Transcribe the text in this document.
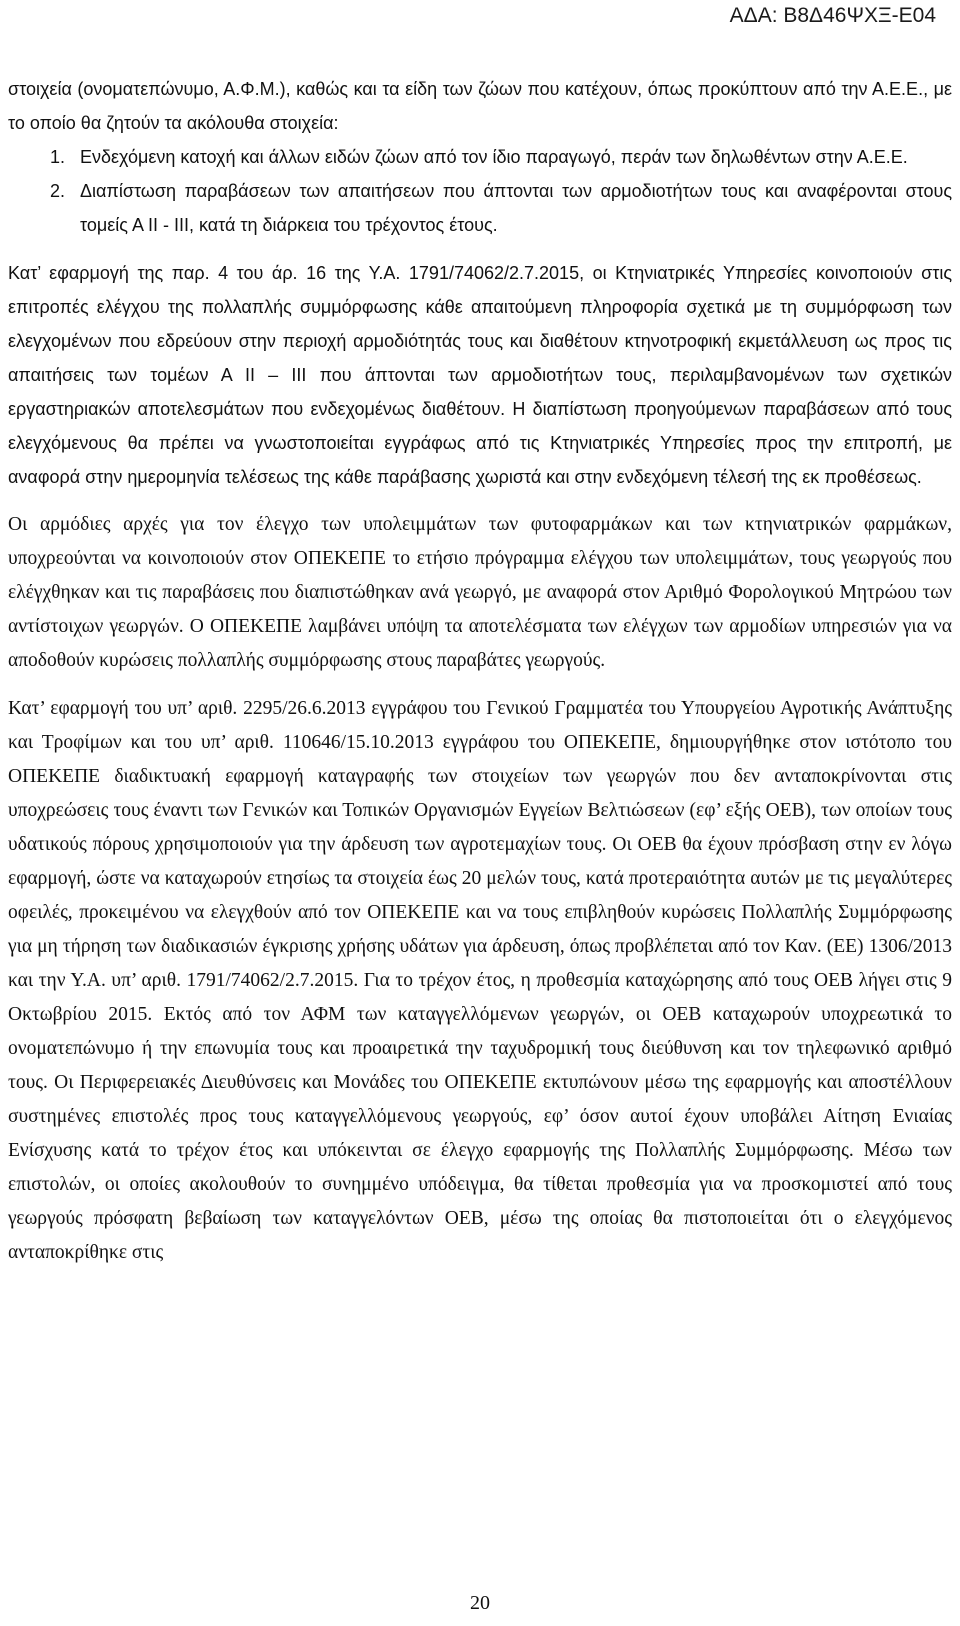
ΑΔΑ: Β8Δ46ΨΧΞ-Ε04

στοιχεία (ονοματεπώνυμο, Α.Φ.Μ.), καθώς και τα είδη των ζώων που κατέχουν, όπως προκύπτουν από την Α.Ε.Ε., με το οποίο θα ζητούν τα ακόλουθα στοιχεία:

1. Ενδεχόμενη κατοχή και άλλων ειδών ζώων από τον ίδιο παραγωγό, περάν των δηλωθέντων στην Α.Ε.Ε.

2. Διαπίστωση παραβάσεων των απαιτήσεων που άπτονται των αρμοδιοτήτων τους και αναφέρονται στους τομείς Α ΙΙ - ΙΙΙ, κατά τη διάρκεια του τρέχοντος έτους.

Κατ’ εφαρμογή της παρ. 4 του άρ. 16 της Υ.Α. 1791/74062/2.7.2015, οι Κτηνιατρικές Υπηρεσίες κοινοποιούν στις επιτροπές ελέγχου της πολλαπλής συμμόρφωσης κάθε απαιτούμενη πληροφορία σχετικά με τη συμμόρφωση των ελεγχομένων που εδρεύουν στην περιοχή αρμοδιότητάς τους και διαθέτουν κτηνοτροφική εκμετάλλευση ως προς τις απαιτήσεις των τομέων Α ΙΙ – ΙΙΙ που άπτονται των αρμοδιοτήτων τους, περιλαμβανομένων των σχετικών εργαστηριακών αποτελεσμάτων που ενδεχομένως διαθέτουν. Η διαπίστωση προηγούμενων παραβάσεων από τους ελεγχόμενους θα πρέπει να γνωστοποιείται εγγράφως από τις Κτηνιατρικές Υπηρεσίες προς την επιτροπή, με αναφορά στην ημερομηνία τελέσεως της κάθε παράβασης χωριστά και στην ενδεχόμενη τέλεσή της εκ προθέσεως.

Οι αρμόδιες αρχές για τον έλεγχο των υπολειμμάτων των φυτοφαρμάκων και των κτηνιατρικών φαρμάκων, υποχρεούνται να κοινοποιούν στον ΟΠΕΚΕΠΕ το ετήσιο πρόγραμμα ελέγχου των υπολειμμάτων, τους γεωργούς που ελέγχθηκαν και τις παραβάσεις που διαπιστώθηκαν ανά γεωργό, με αναφορά στον Αριθμό Φορολογικού Μητρώου των αντίστοιχων γεωργών. Ο ΟΠΕΚΕΠΕ λαμβάνει υπόψη τα αποτελέσματα των ελέγχων των αρμοδίων υπηρεσιών για να αποδοθούν κυρώσεις πολλαπλής συμμόρφωσης στους παραβάτες γεωργούς.

Κατ’ εφαρμογή του υπ’ αριθ. 2295/26.6.2013 εγγράφου του Γενικού Γραμματέα του Υπουργείου Αγροτικής Ανάπτυξης και Τροφίμων και του υπ’ αριθ. 110646/15.10.2013 εγγράφου του ΟΠΕΚΕΠΕ, δημιουργήθηκε στον ιστότοπο του ΟΠΕΚΕΠΕ διαδικτυακή εφαρμογή καταγραφής των στοιχείων των γεωργών που δεν ανταποκρίνονται στις υποχρεώσεις τους έναντι των Γενικών και Τοπικών Οργανισμών Εγγείων Βελτιώσεων (εφ’ εξής ΟΕΒ), των οποίων τους υδατικούς πόρους χρησιμοποιούν για την άρδευση των αγροτεμαχίων τους. Οι ΟΕΒ θα έχουν πρόσβαση στην εν λόγω εφαρμογή, ώστε να καταχωρούν ετησίως τα στοιχεία έως 20 μελών τους, κατά προτεραιότητα αυτών με τις μεγαλύτερες οφειλές, προκειμένου να ελεγχθούν από τον ΟΠΕΚΕΠΕ και να τους επιβληθούν κυρώσεις Πολλαπλής Συμμόρφωσης για μη τήρηση των διαδικασιών έγκρισης χρήσης υδάτων για άρδευση, όπως προβλέπεται από τον Καν. (ΕΕ) 1306/2013 και την Υ.Α. υπ’ αριθ. 1791/74062/2.7.2015. Για το τρέχον έτος, η προθεσμία καταχώρησης από τους ΟΕΒ λήγει στις 9 Οκτωβρίου 2015. Εκτός από τον ΑΦΜ των καταγγελλόμενων γεωργών, οι ΟΕΒ καταχωρούν υποχρεωτικά το ονοματεπώνυμο ή την επωνυμία τους και προαιρετικά την ταχυδρομική τους διεύθυνση και τον τηλεφωνικό αριθμό τους. Οι Περιφερειακές Διευθύνσεις και Μονάδες του ΟΠΕΚΕΠΕ εκτυπώνουν μέσω της εφαρμογής και αποστέλλουν συστημένες επιστολές προς τους καταγγελλόμενους γεωργούς, εφ’ όσον αυτοί έχουν υποβάλει Αίτηση Ενιαίας Ενίσχυσης κατά το τρέχον έτος και υπόκεινται σε έλεγχο εφαρμογής της Πολλαπλής Συμμόρφωσης. Μέσω των επιστολών, οι οποίες ακολουθούν το συνημμένο υπόδειγμα, θα τίθεται προθεσμία για να προσκομιστεί από τους γεωργούς πρόσφατη βεβαίωση των καταγγελόντων ΟΕΒ, μέσω της οποίας θα πιστοποιείται ότι ο ελεγχόμενος ανταποκρίθηκε στις

20
